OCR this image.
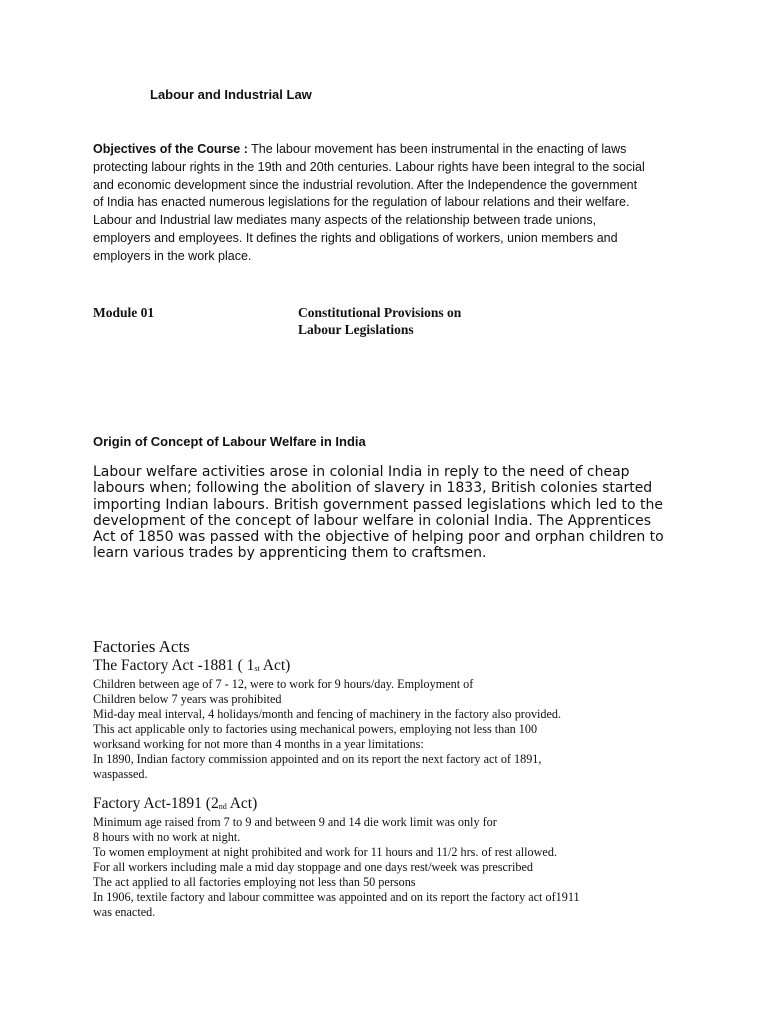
Labour and Industrial Law
Objectives of the Course : The labour movement has been instrumental in the enacting of laws
protecting labour rights in the 19th and 20th centuries. Labour rights have been integral to the social
and economic development since the industrial revolution. After the Independence the government
of India has enacted numerous legislations for the regulation of labour relations and their welfare.
Labour and Industrial law mediates many aspects of the relationship between trade unions,
employers and employees. It defines the rights and obligations of workers, union members and
employers in the work place.
Module 01	Constitutional Provisions on
Labour Legislations
Origin of Concept of Labour Welfare in India
Labour welfare activities arose in colonial India in reply to the need of cheap
labours when; following the abolition of slavery in 1833, British colonies started
importing Indian labours. British government passed legislations which led to the
development of the concept of labour welfare in colonial India. The Apprentices
Act of 1850 was passed with the objective of helping poor and orphan children to
learn various trades by apprenticing them to craftsmen.
Factories Acts
The Factory Act -1881 ( $1_{st}$ Act)
Children between age of 7 - 12, were to work for 9 hours/day. Employment of
Children below 7 years was prohibited
Mid-day meal interval, 4 holidays/month and fencing of machinery in the factory also provided.
This act applicable only to factories using mechanical powers, employing not less than 100
worksand working for not more than 4 months in a year limitations:
In 1890, Indian factory commission appointed and on its report the next factory act of 1891,
waspassed.
Factory Act-1891 ($2_{nd}$ Act)
Minimum age raised from 7 to 9 and between 9 and 14 die work limit was only for
8 hours with no work at night.
To women employment at night prohibited and work for 11 hours and 11/2 hrs. of rest allowed.
For all workers including male a mid day stoppage and one days rest/week was prescribed
The act applied to all factories employing not less than 50 persons
In 1906, textile factory and labour committee was appointed and on its report the factory act of1911
was enacted.
